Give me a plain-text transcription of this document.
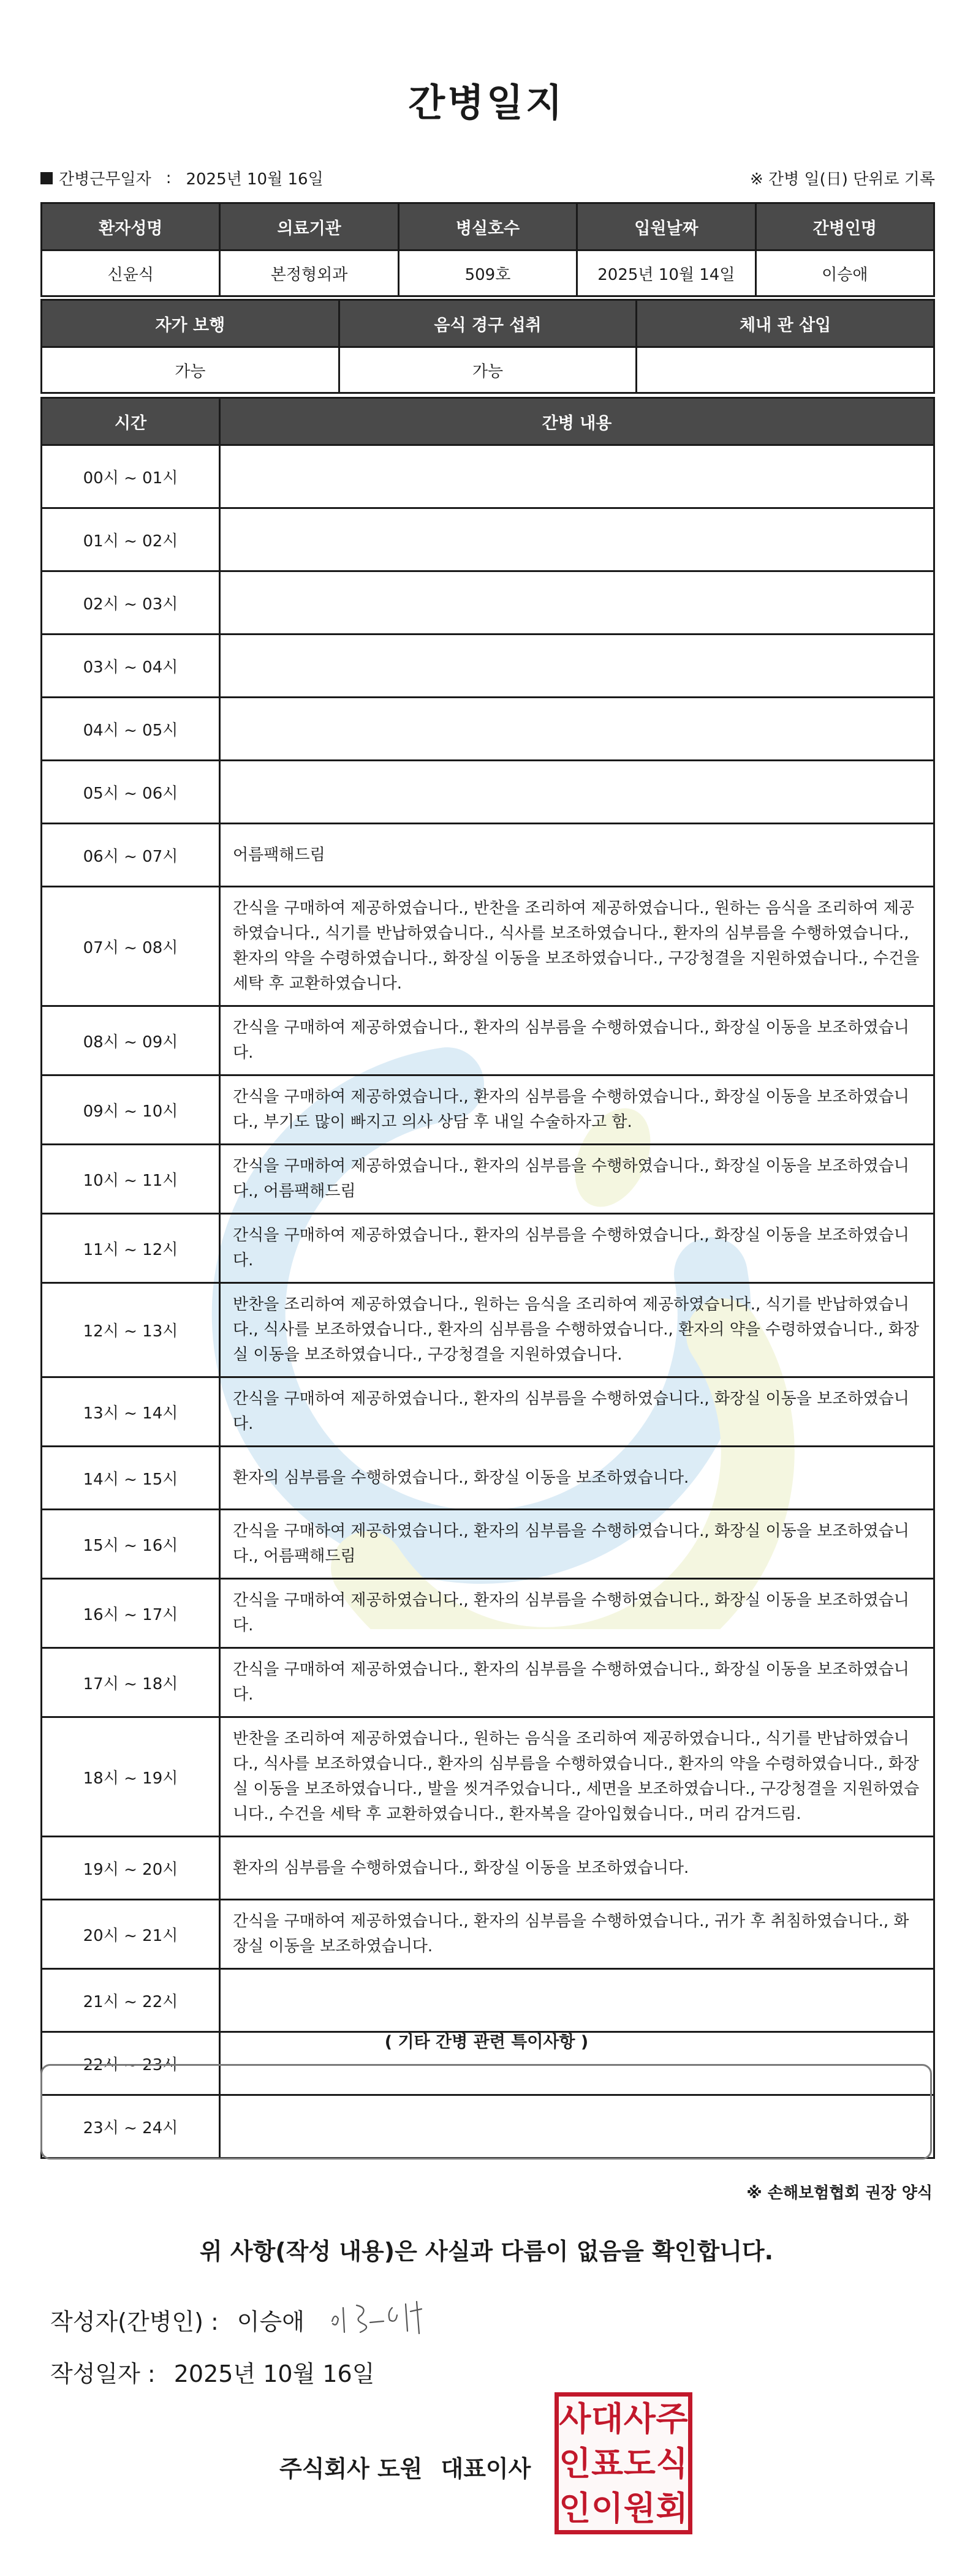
간병일지
간병근무일자 : 2025년 10월 16일	※ 간병 일(日) 단위로 기록
환자성명	의료기관	병실호수	입원날짜	간병인명
신윤식	본정형외과	509호	2025년 10월 14일	이승애
자가 보행	음식 경구 섭취	체내 관 삽입
가능	가능	
시간	간병 내용
00시 ~ 01시	
01시 ~ 02시	
02시 ~ 03시	
03시 ~ 04시	
04시 ~ 05시	
05시 ~ 06시	
06시 ~ 07시	어름팩해드림
07시 ~ 08시	간식을 구매하여 제공하였습니다., 반찬을 조리하여 제공하였습니다., 원하는 음식을 조리하여 제공하였습니다., 식기를 반납하였습니다., 식사를 보조하였습니다., 환자의 심부름을 수행하였습니다., 환자의 약을 수령하였습니다., 화장실 이동을 보조하였습니다., 구강청결을 지원하였습니다., 수건을 세탁 후 교환하였습니다.
08시 ~ 09시	간식을 구매하여 제공하였습니다., 환자의 심부름을 수행하였습니다., 화장실 이동을 보조하였습니다.
09시 ~ 10시	간식을 구매하여 제공하였습니다., 환자의 심부름을 수행하였습니다., 화장실 이동을 보조하였습니다., 부기도 많이 빠지고 의사 상담 후 내일 수술하자고 함.
10시 ~ 11시	간식을 구매하여 제공하였습니다., 환자의 심부름을 수행하였습니다., 화장실 이동을 보조하였습니다., 어름팩해드림
11시 ~ 12시	간식을 구매하여 제공하였습니다., 환자의 심부름을 수행하였습니다., 화장실 이동을 보조하였습니다.
12시 ~ 13시	반찬을 조리하여 제공하였습니다., 원하는 음식을 조리하여 제공하였습니다., 식기를 반납하였습니다., 식사를 보조하였습니다., 환자의 심부름을 수행하였습니다., 환자의 약을 수령하였습니다., 화장실 이동을 보조하였습니다., 구강청결을 지원하였습니다.
13시 ~ 14시	간식을 구매하여 제공하였습니다., 환자의 심부름을 수행하였습니다., 화장실 이동을 보조하였습니다.
14시 ~ 15시	환자의 심부름을 수행하였습니다., 화장실 이동을 보조하였습니다.
15시 ~ 16시	간식을 구매하여 제공하였습니다., 환자의 심부름을 수행하였습니다., 화장실 이동을 보조하였습니다., 어름팩해드림
16시 ~ 17시	간식을 구매하여 제공하였습니다., 환자의 심부름을 수행하였습니다., 화장실 이동을 보조하였습니다.
17시 ~ 18시	간식을 구매하여 제공하였습니다., 환자의 심부름을 수행하였습니다., 화장실 이동을 보조하였습니다.
18시 ~ 19시	반찬을 조리하여 제공하였습니다., 원하는 음식을 조리하여 제공하였습니다., 식기를 반납하였습니다., 식사를 보조하였습니다., 환자의 심부름을 수행하였습니다., 환자의 약을 수령하였습니다., 화장실 이동을 보조하였습니다., 발을 씻겨주었습니다., 세면을 보조하였습니다., 구강청결을 지원하였습니다., 수건을 세탁 후 교환하였습니다., 환자복을 갈아입혔습니다., 머리 감겨드림.
19시 ~ 20시	환자의 심부름을 수행하였습니다., 화장실 이동을 보조하였습니다.
20시 ~ 21시	간식을 구매하여 제공하였습니다., 환자의 심부름을 수행하였습니다., 귀가 후 취침하였습니다., 화장실 이동을 보조하였습니다.
21시 ~ 22시	
22시 ~ 23시	
23시 ~ 24시	
( 기타 간병 관련 특이사항 )
※ 손해보험협회 권장 양식
위 사항(작성 내용)은 사실과 다름이 없음을 확인합니다.
작성자(간병인) : 이승애
작성일자 : 2025년 10월 16일
주식회사 도원 대표이사
사 대 사 주
인 표 도 식
인 이 원 회
